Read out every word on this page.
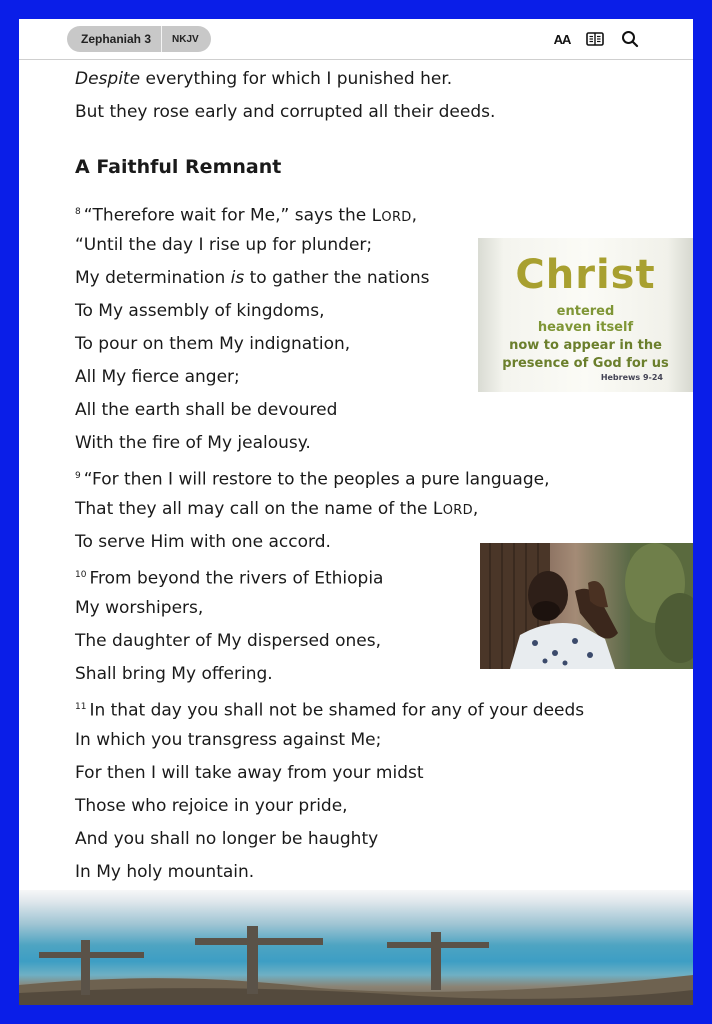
Zephaniah 3	NKJV	AA
Despite everything for which I punished her.
But they rose early and corrupted all their deeds.
A Faithful Remnant
$^8$ “Therefore wait for Me,” says the LORD,
“Until the day I rise up for plunder;
My determination is to gather the nations
To My assembly of kingdoms,
To pour on them My indignation,
All My fierce anger;
All the earth shall be devoured
With the fire of My jealousy.
$^9$ “For then I will restore to the peoples a pure language,
That they all may call on the name of the LORD,
To serve Him with one accord.
$^{10}$ From beyond the rivers of Ethiopia
My worshipers,
The daughter of My dispersed ones,
Shall bring My offering.
$^{11}$ In that day you shall not be shamed for any of your deeds
In which you transgress against Me;
For then I will take away from your midst
Those who rejoice in your pride,
And you shall no longer be haughty
In My holy mountain.
Christ
entered
heaven itself
now to appear in the
presence of God for us
Hebrews 9-24
